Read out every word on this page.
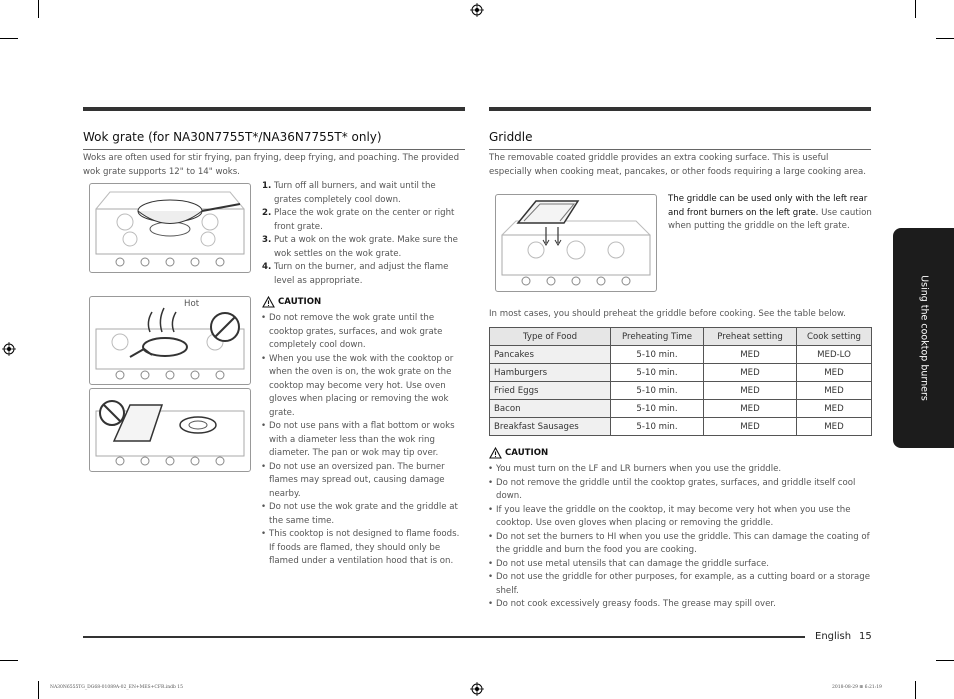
Wok grate (for NA30N7755T*/NA36N7755T* only)

Woks are often used for stir frying, pan frying, deep frying, and poaching. The provided wok grate supports 12" to 14" woks.

1. Turn off all burners, and wait until the grates completely cool down.
2. Place the wok grate on the center or right front grate.
3. Put a wok on the wok grate. Make sure the wok settles on the wok grate.
4. Turn on the burner, and adjust the flame level as appropriate.
Hot	CAUTION
• Do not remove the wok grate until the cooktop grates, surfaces, and wok grate completely cool down.
• When you use the wok with the cooktop or when the oven is on, the wok grate on the cooktop may become very hot. Use oven gloves when placing or removing the wok grate.
• Do not use pans with a flat bottom or woks with a diameter less than the wok ring diameter. The pan or wok may tip over.
• Do not use an oversized pan. The burner flames may spread out, causing damage nearby.
• Do not use the wok grate and the griddle at the same time.
• This cooktop is not designed to flame foods. If foods are flamed, they should only be flamed under a ventilation hood that is on.
Griddle

The removable coated griddle provides an extra cooking surface. This is useful especially when cooking meat, pancakes, or other foods requiring a large cooking area.

The griddle can be used only with the left rear and front burners on the left grate. Use caution when putting the griddle on the left grate.

In most cases, you should preheat the griddle before cooking. See the table below.

Type of Food	Preheating Time	Preheat setting	Cook setting
Pancakes	5-10 min.	MED	MED-LO
Hamburgers	5-10 min.	MED	MED
Fried Eggs	5-10 min.	MED	MED
Bacon	5-10 min.	MED	MED
Breakfast Sausages	5-10 min.	MED	MED
CAUTION
• You must turn on the LF and LR burners when you use the griddle.
• Do not remove the griddle until the cooktop grates, surfaces, and griddle itself cool down.
• If you leave the griddle on the cooktop, it may become very hot when you use the cooktop. Use oven gloves when placing or removing the griddle.
• Do not set the burners to HI when you use the griddle. This can damage the coating of the griddle and burn the food you are cooking.
• Do not use metal utensils that can damage the griddle surface.
• Do not use the griddle for other purposes, for example, as a cutting board or a storage shelf.
• Do not cook excessively greasy foods. The grease may spill over.
Using the cooktop burners
English 15
NA30N6555TG_DG68-01089A-02_EN+MES+CFR.indb 15	2018-08-29 ⊞ 6:21:19
